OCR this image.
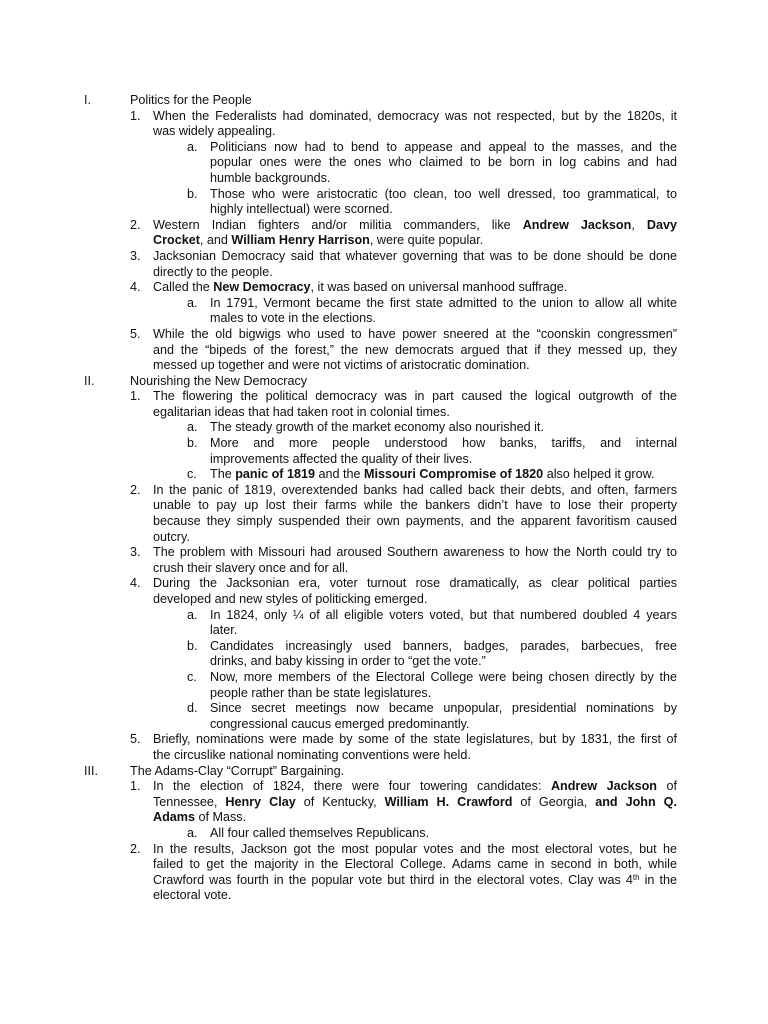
I.	Politics for the People
1. When the Federalists had dominated, democracy was not respected, but by the 1820s, it
was widely appealing.
a. Politicians now had to bend to appease and appeal to the masses, and the
popular ones were the ones who claimed to be born in log cabins and had
humble backgrounds.
b. Those who were aristocratic (too clean, too well dressed, too grammatical, to
highly intellectual) were scorned.
2. Western Indian fighters and/or militia commanders, like Andrew Jackson, Davy
Crocket, and William Henry Harrison, were quite popular.
3. Jacksonian Democracy said that whatever governing that was to be done should be done
directly to the people.
4. Called the New Democracy, it was based on universal manhood suffrage.
a. In 1791, Vermont became the first state admitted to the union to allow all white
males to vote in the elections.
5. While the old bigwigs who used to have power sneered at the “coonskin congressmen”
and the “bipeds of the forest,” the new democrats argued that if they messed up, they
messed up together and were not victims of aristocratic domination.
II.	Nourishing the New Democracy
1. The flowering the political democracy was in part caused the logical outgrowth of the
egalitarian ideas that had taken root in colonial times.
a. The steady growth of the market economy also nourished it.
b. More and more people understood how banks, tariffs, and internal
improvements affected the quality of their lives.
c. The panic of 1819 and the Missouri Compromise of 1820 also helped it grow.
2. In the panic of 1819, overextended banks had called back their debts, and often, farmers
unable to pay up lost their farms while the bankers didn’t have to lose their property
because they simply suspended their own payments, and the apparent favoritism caused
outcry.
3. The problem with Missouri had aroused Southern awareness to how the North could try to
crush their slavery once and for all.
4. During the Jacksonian era, voter turnout rose dramatically, as clear political parties
developed and new styles of politicking emerged.
a. In 1824, only ¼ of all eligible voters voted, but that numbered doubled 4 years
later.
b. Candidates increasingly used banners, badges, parades, barbecues, free
drinks, and baby kissing in order to “get the vote.”
c. Now, more members of the Electoral College were being chosen directly by the
people rather than be state legislatures.
d. Since secret meetings now became unpopular, presidential nominations by
congressional caucus emerged predominantly.
5. Briefly, nominations were made by some of the state legislatures, but by 1831, the first of
the circuslike national nominating conventions were held.
III.	The Adams-Clay “Corrupt” Bargaining.
1. In the election of 1824, there were four towering candidates: Andrew Jackson of
Tennessee, Henry Clay of Kentucky, William H. Crawford of Georgia, and John Q.
Adams of Mass.
a. All four called themselves Republicans.
2. In the results, Jackson got the most popular votes and the most electoral votes, but he
failed to get the majority in the Electoral College. Adams came in second in both, while
Crawford was fourth in the popular vote but third in the electoral votes. Clay was 4th in the
electoral vote.
